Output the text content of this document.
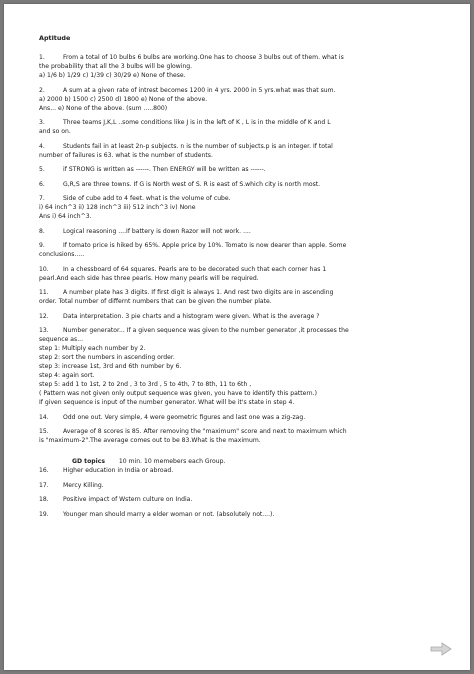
Aptitude
1.	From a total of 10 bulbs 6 bulbs are working.One has to choose 3 bulbs out of them. what is
the probability that all the 3 bulbs will be glowing.
a) 1/6 b) 1/29 c) 1/39 c) 30/29 e) None of these.
2.	A sum at a given rate of intrest becomes 1200 in 4 yrs. 2000 in 5 yrs.what was that sum.
a) 2000 b) 1500 c) 2500 d) 1800 e) None of the above.
Ans... e) None of the above. (sum .....800)
3.	Three teams J,K,L ..some conditions like J is in the left of K , L is in the middle of K and L
and so on.
4.	Students fail in at least 2n-p subjects. n is the number of subjects.p is an integer. If total
number of failures is 63. what is the number of students.
5.	if STRONG is written as ------. Then ENERGY will be written as ------.
6.	G,R,S are three towns. If G is North west of S. R is east of S.which city is north most.
7.	Side of cube add to 4 feet. what is the volume of cube.
i) 64 inch^3 ii) 128 inch^3 iii) 512 inch^3 iv) None
Ans i) 64 inch^3.
8.	Logical reasoning ....If battery is down Razor will not work. ....
9.	If tomato price is hiked by 65%. Apple price by 10%. Tomato is now dearer than apple. Some
conclusions.....
10. In a chessboard of 64 squares. Pearls are to be decorated such that each corner has 1
pearl.And each side has three pearls. How many pearls will be required.
11. A number plate has 3 digits. If first digit is always 1. And rest two digits are in ascending
order. Total number of differnt numbers that can be given the number plate.
12. Data interpretation. 3 pie charts and a histogram were given. What is the average ?
13. Number generator... If a given sequence was given to the number generator ,it processes the
sequence as...
step 1: Multiply each number by 2.
step 2: sort the numbers in ascending order.
step 3: increase 1st, 3rd and 6th number by 6.
step 4: again sort.
step 5: add 1 to 1st, 2 to 2nd , 3 to 3rd , 5 to 4th, 7 to 8th, 11 to 6th ,
( Pattern was not given only output sequence was given, you have to identify this pattern.)
If given sequence is input of the number generator. What will be it's state in step 4.
14. Odd one out. Very simple, 4 were geometric figures and last one was a zig-zag.
15. Average of 8 scores is 85. After removing the "maximum" score and next to maximum which
is "maximum-2".The average comes out to be 83.What is the maximum.
GD topics 10 min. 10 memebers each Group.
16. Higher education in India or abroad.
17. Mercy Killing.
18. Positive impact of Wstern culture on India.
19. Younger man should marry a elder woman or not. (absolutely not....).
